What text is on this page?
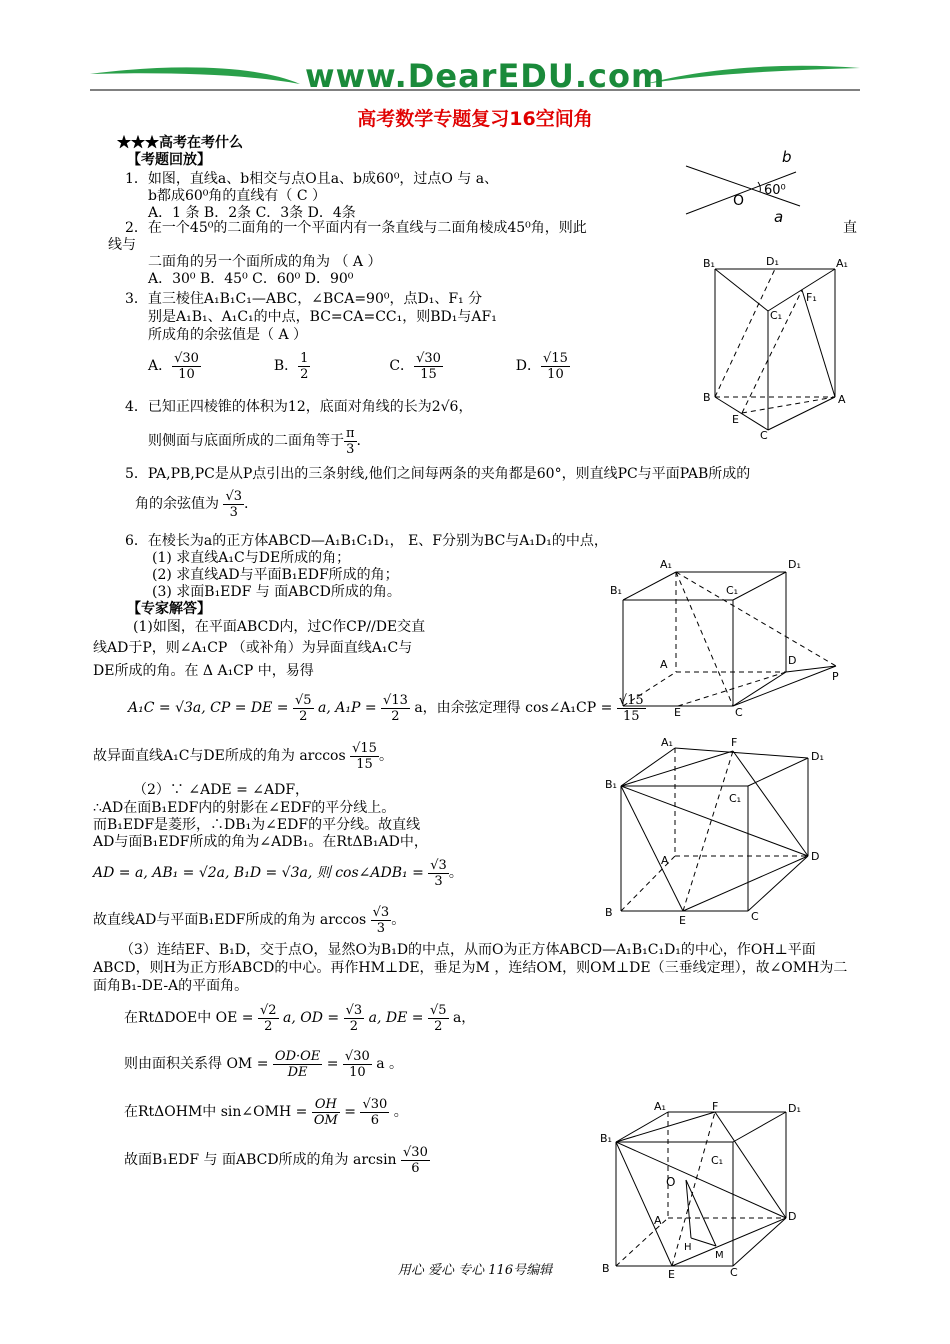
www.DearEDU.com
高考数学专题复习16空间角
★★★高考在考什么
【考题回放】
1．如图，直线a、b相交与点O且a、b成60⁰，过点O 与 a、
b都成60⁰角的直线有（ C ）
A．1 条 B．2条 C．3条 D．4条
b
a
O
60⁰
2．在一个45⁰的二面角的一个平面内有一条直线与二面角棱成45⁰角，则此	直
线与
二面角的另一个面所成的角为 （ A ）
A．30⁰ B．45⁰ C．60⁰ D．90⁰
3．直三棱住A₁B₁C₁—ABC，∠BCA=90⁰，点D₁、F₁ 分
别是A₁B₁、A₁C₁的中点，BC=CA=CC₁，则BD₁与AF₁
所成角的余弦值是（ A ）
A． $\frac{√30}{10}$	B． $\frac{1}{2}$	C． $\frac{√30}{15}$	D． $\frac{√15}{10}$
B₁	D₁	A₁
F₁
C₁
B	A
E
C
4．已知正四棱锥的体积为12，底面对角线的长为2√6，
则侧面与底面所成的二面角等于 $\frac{\pi}{3}$ .
5．PA,PB,PC是从P点引出的三条射线,他们之间每两条的夹角都是60°，则直线PC与平面PAB所成的
角的余弦值为 $\frac{√3}{3}$ .
6．在棱长为a的正方体ABCD—A₁B₁C₁D₁， E、F分别为BC与A₁D₁的中点，
(1) 求直线A₁C与DE所成的角；
(2) 求直线AD与平面B₁EDF所成的角；
(3) 求面B₁EDF 与 面ABCD所成的角。
A₁	D₁
B₁	C₁
A	D
P
E	C
【专家解答】
(1)如图，在平面ABCD内，过C作CP//DE交直
线AD于P，则∠A₁CP （或补角）为异面直线A₁C与
DE所成的角。在 Δ A₁CP 中，易得
A₁C = √3a, CP = DE = $\frac{√5}{2} a$, $A_1P = \frac{√13}{2}$ a，由余弦定理得 cos∠A₁CP = $\frac{√15}{15}$
故异面直线A₁C与DE所成的角为 $\arccos \frac{√15}{15}$ 。
A₁	F
D₁
B₁
C₁
A	D
B
E	C
（2）∵ ∠ADE = ∠ADF，
∴AD在面B₁EDF内的射影在∠EDF的平分线上。
而B₁EDF是菱形，∴DB₁为∠EDF的平分线。故直线
AD与面B₁EDF所成的角为∠ADB₁。在RtΔB₁AD中，
AD = a, AB₁ = √2a, B₁D = √3a, 则 cos∠ADB₁ = $\frac{√3}{3}$ 。
故直线AD与平面B₁EDF所成的角为 $\arccos \frac{√3}{3}$ 。
（3）连结EF、B₁D，交于点O，显然O为B₁D的中点，从而O为正方体ABCD—A₁B₁C₁D₁的中心，作OH⊥平面
ABCD，则H为正方形ABCD的中心。再作HM⊥DE，垂足为M ，连结OM，则OM⊥DE（三垂线定理），故∠OMH为二
面角B₁-DE-A的平面角。
在RtΔDOE中 OE = $\frac{√2}{2} a$, OD = $\frac{√3}{2} a$, DE = $\frac{√5}{2}$ a，
则由面积关系得 OM = $\frac{OD\cdot OE}{DE} = \frac{√30}{10}$ a 。
在RtΔOHM中 sin∠OMH = $\frac{OH}{OM} = \frac{√30}{6}$ 。
故面B₁EDF 与 面ABCD所成的角为 $\arcsin \frac{√30}{6}$
A₁	F	D₁
B₁
C₁
O
A	D
H
M
B	E	C
用心 爱心 专心 116号编辑
